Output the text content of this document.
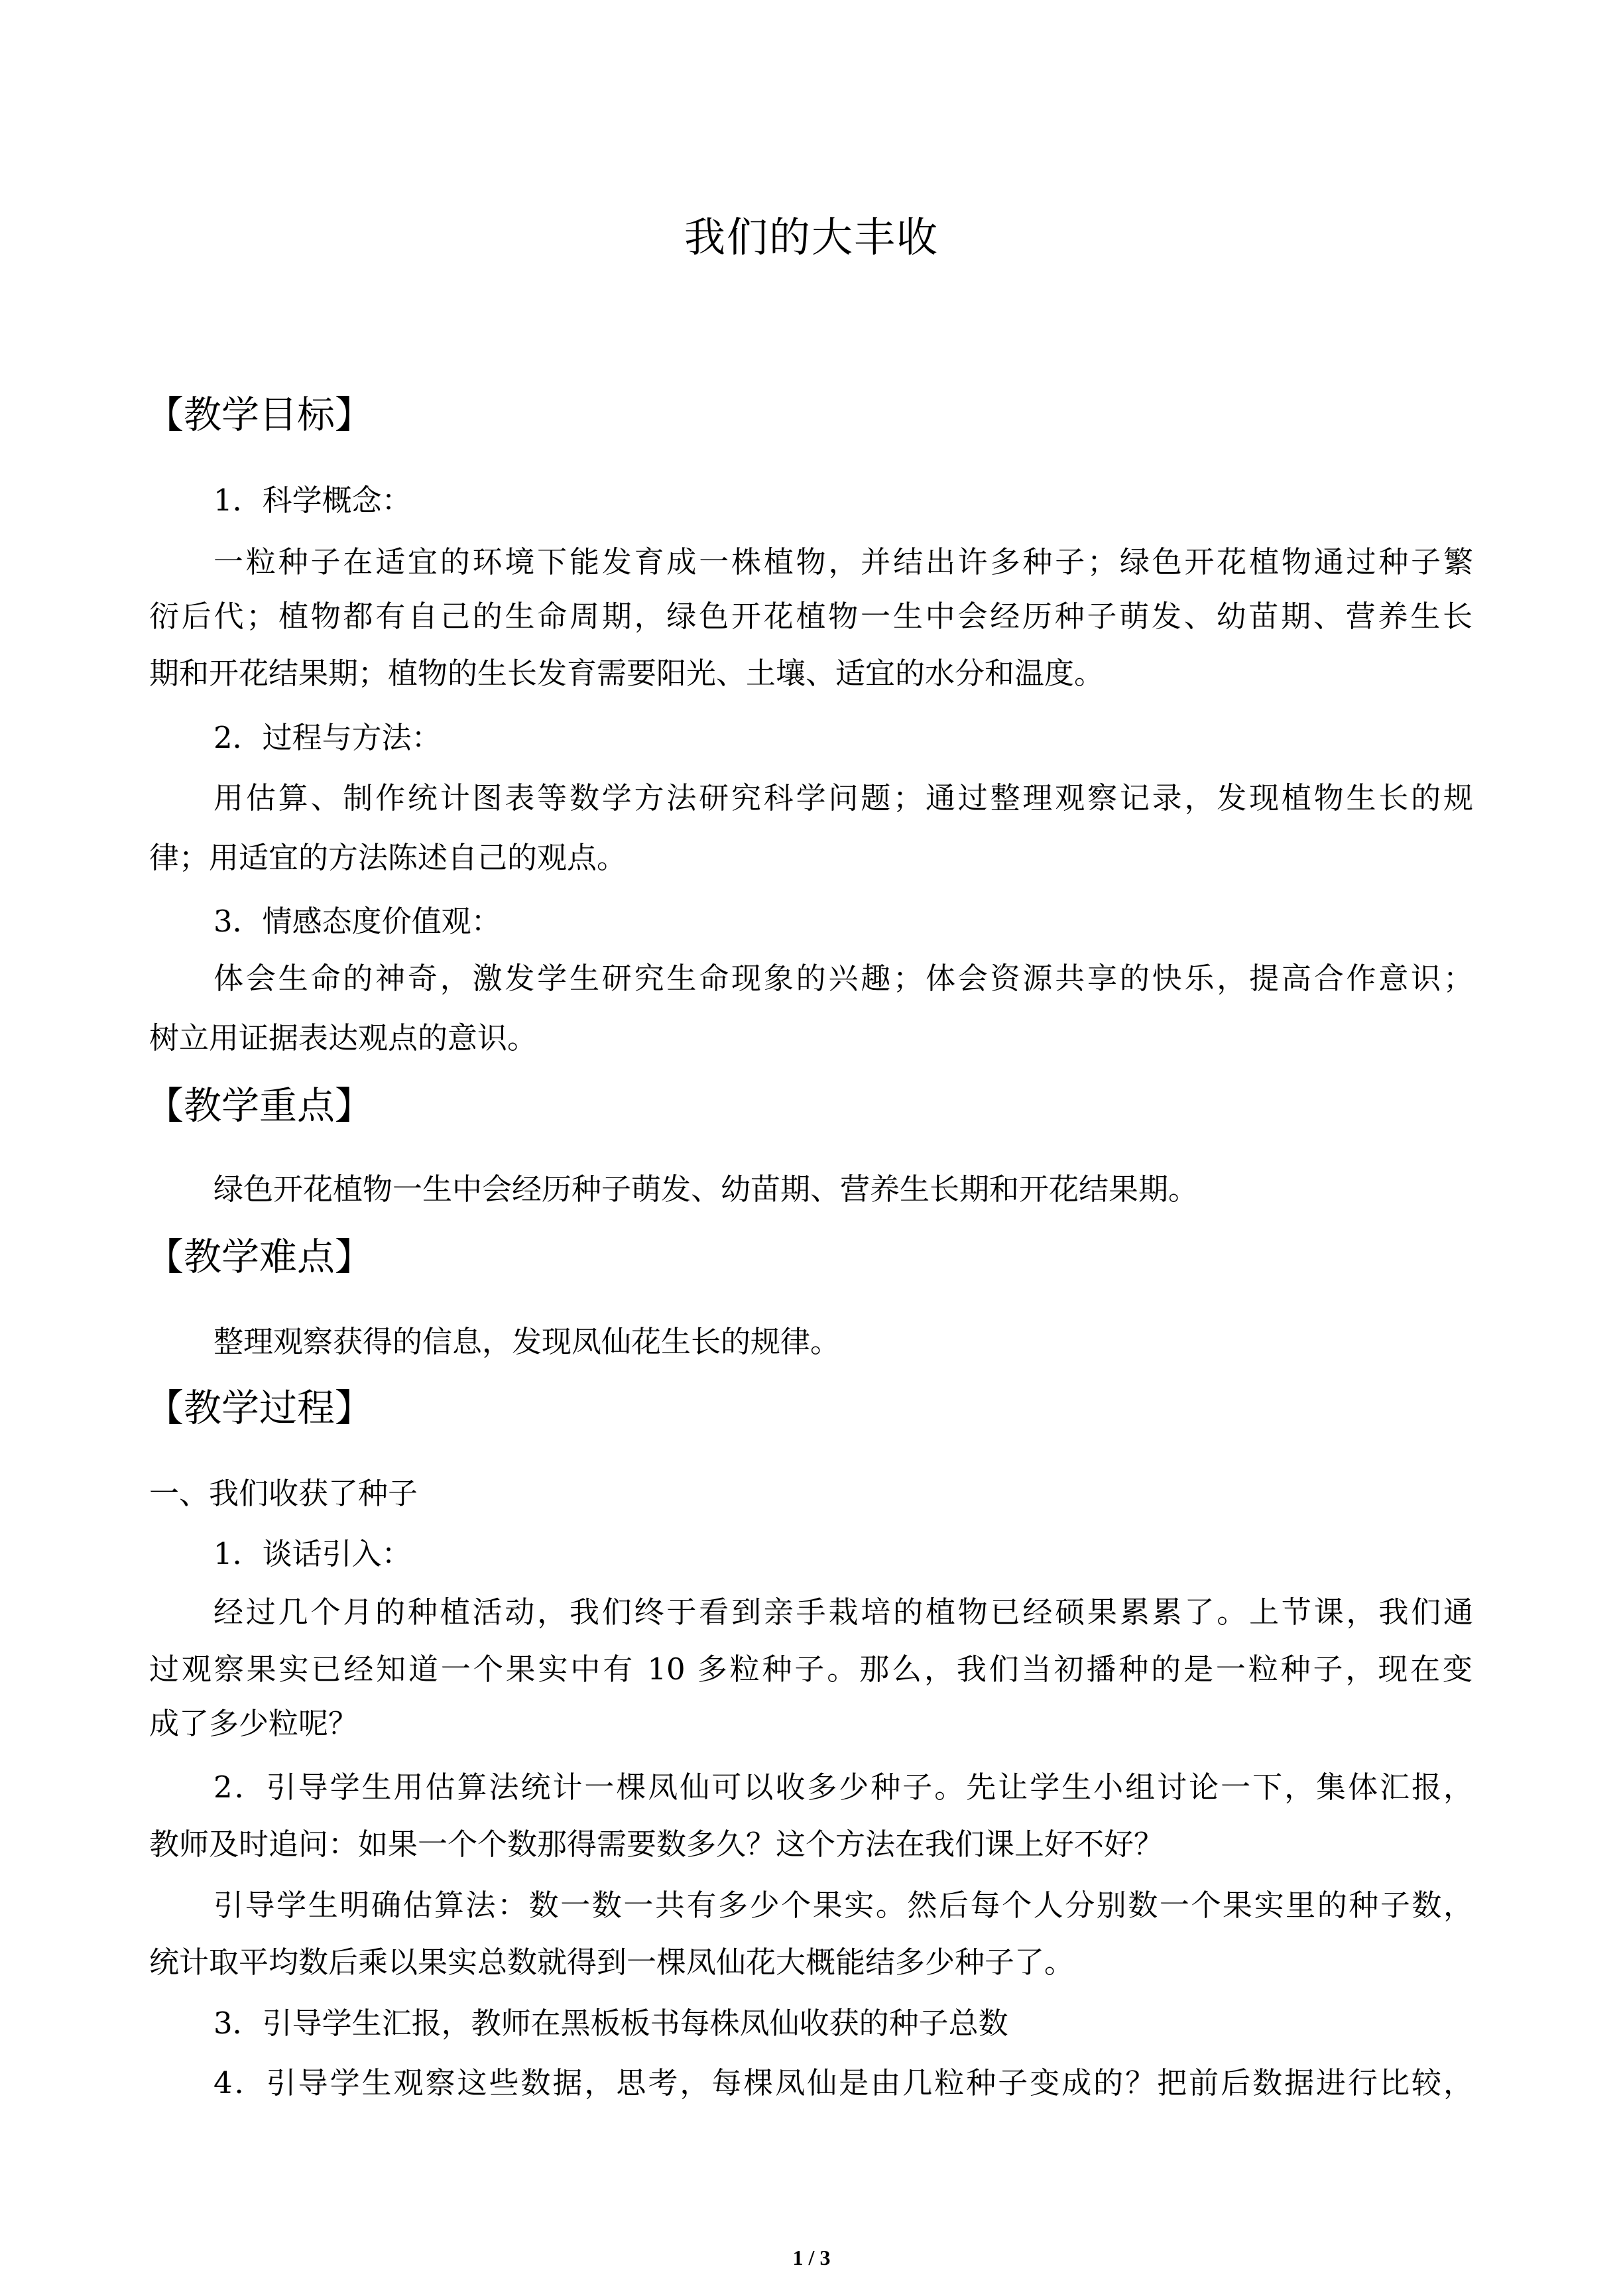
我们的大丰收
【教学目标】
1．科学概念：
一粒种子在适宜的环境下能发育成一株植物，并结出许多种子；绿色开花植物通过种子繁
衍后代；植物都有自己的生命周期，绿色开花植物一生中会经历种子萌发、幼苗期、营养生长
期和开花结果期；植物的生长发育需要阳光、土壤、适宜的水分和温度。
2．过程与方法：
用估算、制作统计图表等数学方法研究科学问题；通过整理观察记录，发现植物生长的规
律；用适宜的方法陈述自己的观点。
3．情感态度价值观：
体会生命的神奇，激发学生研究生命现象的兴趣；体会资源共享的快乐，提高合作意识；
树立用证据表达观点的意识。
【教学重点】
绿色开花植物一生中会经历种子萌发、幼苗期、营养生长期和开花结果期。
【教学难点】
整理观察获得的信息，发现凤仙花生长的规律。
【教学过程】
一、我们收获了种子
1．谈话引入：
经过几个月的种植活动，我们终于看到亲手栽培的植物已经硕果累累了。上节课，我们通
过观察果实已经知道一个果实中有 10 多粒种子。那么，我们当初播种的是一粒种子，现在变
成了多少粒呢？
2．引导学生用估算法统计一棵凤仙可以收多少种子。先让学生小组讨论一下，集体汇报，
教师及时追问：如果一个个数那得需要数多久？这个方法在我们课上好不好？
引导学生明确估算法：数一数一共有多少个果实。然后每个人分别数一个果实里的种子数，
统计取平均数后乘以果实总数就得到一棵凤仙花大概能结多少种子了。
3．引导学生汇报，教师在黑板板书每株凤仙收获的种子总数
4．引导学生观察这些数据，思考，每棵凤仙是由几粒种子变成的？把前后数据进行比较，
1 / 3
